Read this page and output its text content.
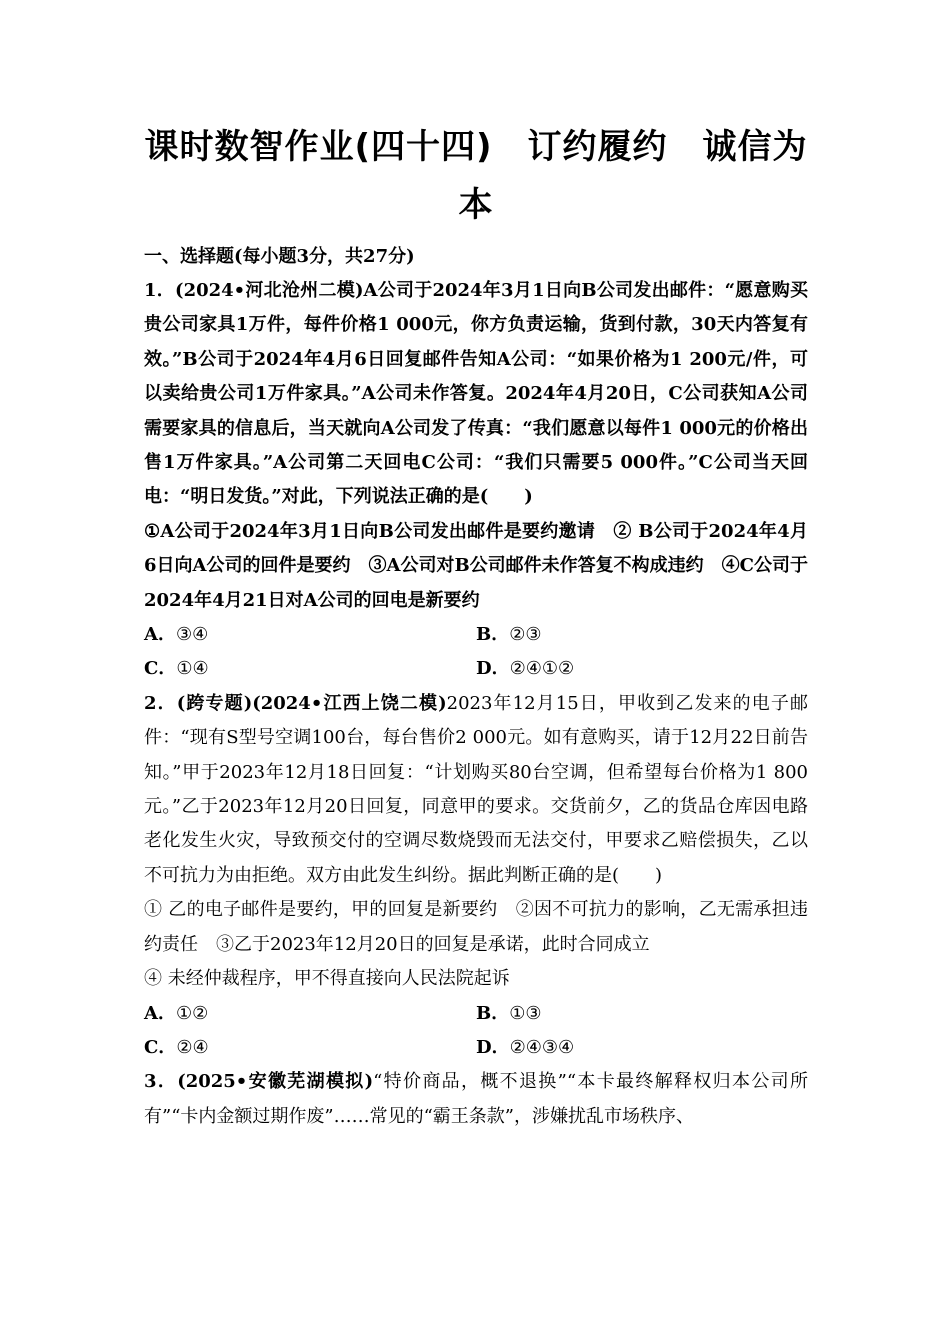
课时数智作业(四十四)　订约履约　诚信为
本
一、选择题(每小题3分，共27分)

1．(2024•河北沧州二模)A公司于2024年3月1日向B公司发出邮件：“愿意购买贵公司家具1万件，每件价格1 000元，你方负责运输，货到付款，30天内答复有效。”B公司于2024年4月6日回复邮件告知A公司：“如果价格为1 200元/件，可以卖给贵公司1万件家具。”A公司未作答复。2024年4月20日，C公司获知A公司需要家具的信息后，当天就向A公司发了传真：“我们愿意以每件1 000元的价格出售1万件家具。”A公司第二天回电C公司：“我们只需要5 000件。”C公司当天回电：“明日发货。”对此，下列说法正确的是(　　)

①A公司于2024年3月1日向B公司发出邮件是要约邀请　② B公司于2024年4月6日向A公司的回件是要约　③A公司对B公司邮件未作答复不构成违约　④C公司于2024年4月21日对A公司的回电是新要约

A．③④	B．②③
C．①④	D．②④①②

2．(跨专题)(2024•江西上饶二模)2023年12月15日，甲收到乙发来的电子邮件：“现有S型号空调100台，每台售价2 000元。如有意购买，请于12月22日前告知。”甲于2023年12月18日回复：“计划购买80台空调，但希望每台价格为1 800元。”乙于2023年12月20日回复，同意甲的要求。交货前夕，乙的货品仓库因电路老化发生火灾，导致预交付的空调尽数烧毁而无法交付，甲要求乙赔偿损失，乙以不可抗力为由拒绝。双方由此发生纠纷。据此判断正确的是(　　)

① 乙的电子邮件是要约，甲的回复是新要约　②因不可抗力的影响，乙无需承担违约责任　③乙于2023年12月20日的回复是承诺，此时合同成立

④ 未经仲裁程序，甲不得直接向人民法院起诉

A．①②	B．①③
C．②④	D．②④③④

3．(2025•安徽芜湖模拟)“特价商品，概不退换”“本卡最终解释权归本公司所有”“卡内金额过期作废”……常见的“霸王条款”，涉嫌扰乱市场秩序、
